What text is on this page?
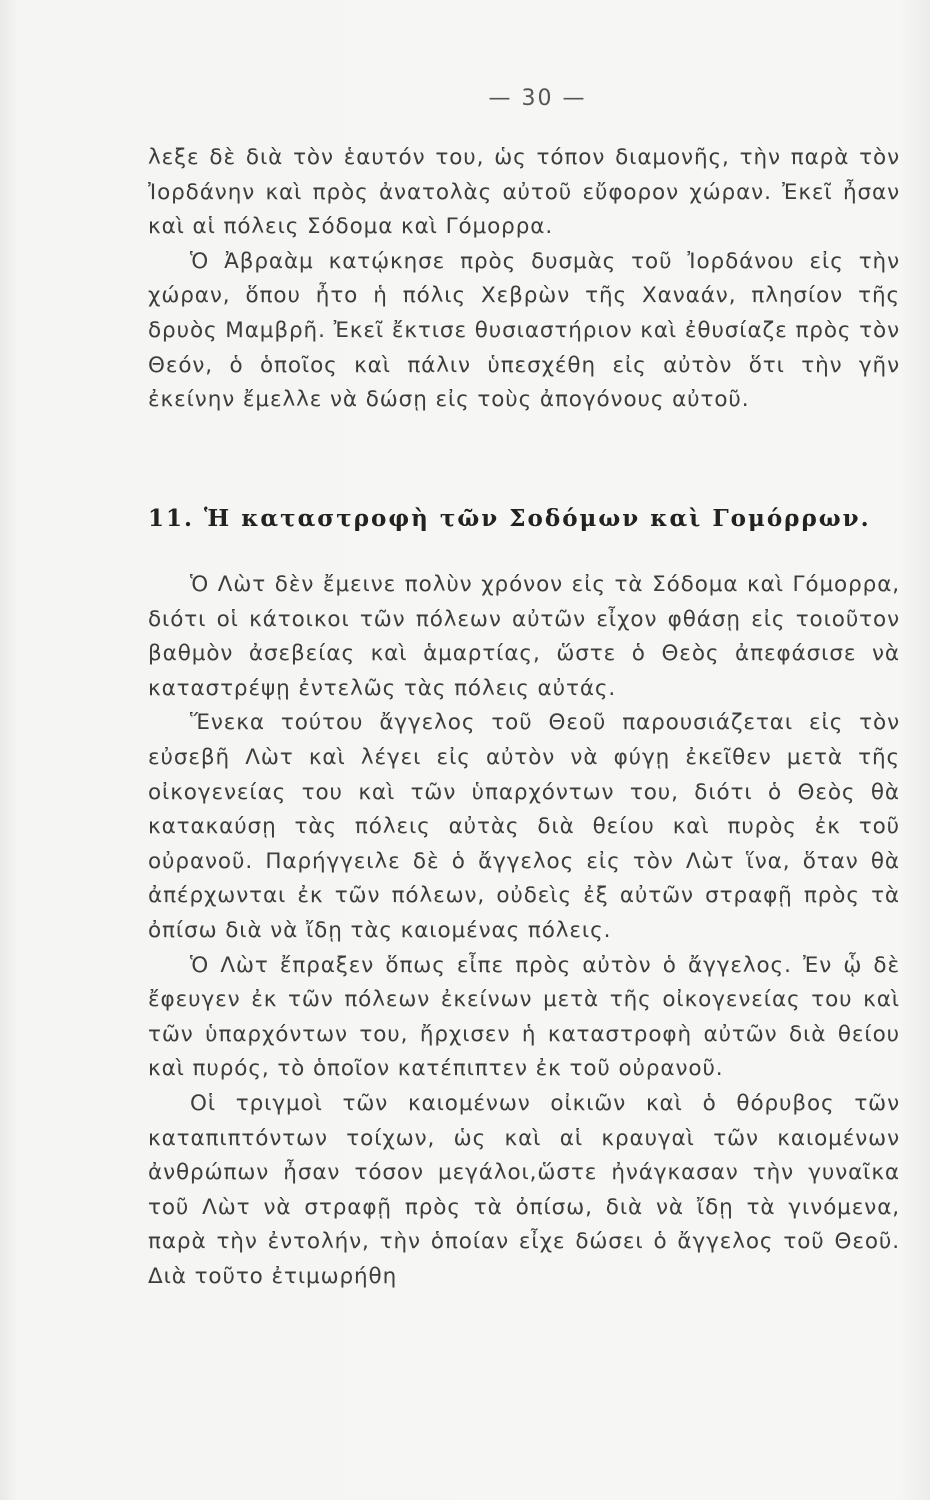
— 30 —

λεξε δὲ διὰ τὸν ἑαυτόν του, ὡς τόπον διαμονῆς, τὴν παρὰ τὸν Ἰορδάνην καὶ πρὸς ἀνατολὰς αὐτοῦ εὔφορον χώραν. Ἐκεῖ ἦσαν καὶ αἱ πόλεις Σόδομα καὶ Γόμορρα.

Ὁ Ἀβραὰμ κατῴκησε πρὸς δυσμὰς τοῦ Ἰορδάνου εἰς τὴν χώραν, ὅπου ἦτο ἡ πόλις Χεβρὼν τῆς Χαναάν, πλησίον τῆς δρυὸς Μαμβρῆ. Ἐκεῖ ἔκτισε θυσιαστήριον καὶ ἐθυσίαζε πρὸς τὸν Θεόν, ὁ ὁποῖος καὶ πάλιν ὑπεσχέθη εἰς αὐτὸν ὅτι τὴν γῆν ἐκείνην ἔμελλε νὰ δώσῃ εἰς τοὺς ἀπογόνους αὐτοῦ.

11. Ἡ καταστροφὴ τῶν Σοδόμων καὶ Γομόρρων.

Ὁ Λὼτ δὲν ἔμεινε πολὺν χρόνον εἰς τὰ Σόδομα καὶ Γόμορρα, διότι οἱ κάτοικοι τῶν πόλεων αὐτῶν εἶχον φθάσῃ εἰς τοιοῦτον βαθμὸν ἀσεβείας καὶ ἁμαρτίας, ὥστε ὁ Θεὸς ἀπεφάσισε νὰ καταστρέψῃ ἐντελῶς τὰς πόλεις αὐτάς.

Ἕνεκα τούτου ἄγγελος τοῦ Θεοῦ παρουσιάζεται εἰς τὸν εὐσεβῆ Λὼτ καὶ λέγει εἰς αὐτὸν νὰ φύγῃ ἐκεῖθεν μετὰ τῆς οἰκογενείας του καὶ τῶν ὑπαρχόντων του, διότι ὁ Θεὸς θὰ κατακαύσῃ τὰς πόλεις αὐτὰς διὰ θείου καὶ πυρὸς ἐκ τοῦ οὐρανοῦ. Παρήγγειλε δὲ ὁ ἄγγελος εἰς τὸν Λὼτ ἵνα, ὅταν θὰ ἀπέρχωνται ἐκ τῶν πόλεων, οὐδεὶς ἐξ αὐτῶν στραφῇ πρὸς τὰ ὀπίσω διὰ νὰ ἴδῃ τὰς καιομένας πόλεις.

Ὁ Λὼτ ἔπραξεν ὅπως εἶπε πρὸς αὐτὸν ὁ ἄγγελος. Ἐν ᾧ δὲ ἔφευγεν ἐκ τῶν πόλεων ἐκείνων μετὰ τῆς οἰκογενείας του καὶ τῶν ὑπαρχόντων του, ἤρχισεν ἡ καταστροφὴ αὐτῶν διὰ θείου καὶ πυρός, τὸ ὁποῖον κατέπιπτεν ἐκ τοῦ οὐρανοῦ.

Οἱ τριγμοὶ τῶν καιομένων οἰκιῶν καὶ ὁ θόρυβος τῶν καταπιπτόντων τοίχων, ὡς καὶ αἱ κραυγαὶ τῶν καιομένων ἀνθρώπων ἦσαν τόσον μεγάλοι,ὥστε ἠνάγκασαν τὴν γυναῖκα τοῦ Λὼτ νὰ στραφῇ πρὸς τὰ ὀπίσω, διὰ νὰ ἴδῃ τὰ γινόμενα, παρὰ τὴν ἐντολήν, τὴν ὁποίαν εἶχε δώσει ὁ ἄγγελος τοῦ Θεοῦ. Διὰ τοῦτο ἐτιμωρήθη
